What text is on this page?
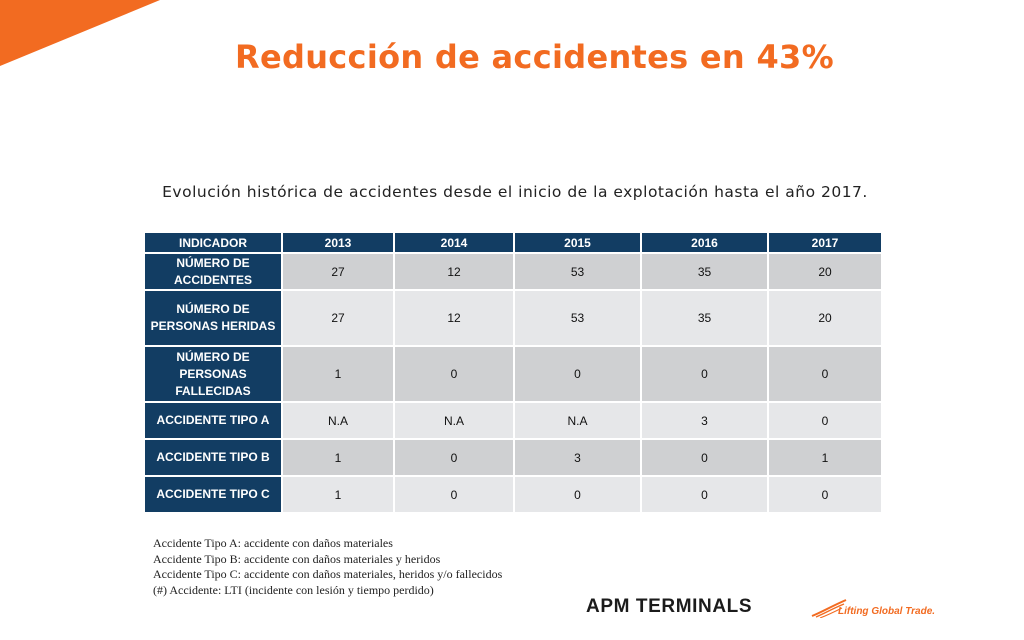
Reducción de accidentes en 43%
Evolución histórica de accidentes desde el inicio de la explotación hasta el año 2017.
INDICADOR	2013	2014	2015	2016	2017
NÚMERO DE ACCIDENTES	27	12	53	35	20
NÚMERO DE PERSONAS HERIDAS	27	12	53	35	20
NÚMERO DE PERSONAS FALLECIDAS	1	0	0	0	0
ACCIDENTE TIPO A	N.A	N.A	N.A	3	0
ACCIDENTE TIPO B	1	0	3	0	1
ACCIDENTE TIPO C	1	0	0	0	0
Accidente Tipo A: accidente con daños materiales
Accidente Tipo B: accidente con daños materiales y heridos
Accidente Tipo C: accidente con daños materiales, heridos y/o fallecidos
(#) Accidente: LTI (incidente con lesión y tiempo perdido)
APM TERMINALS	Lifting Global Trade.
